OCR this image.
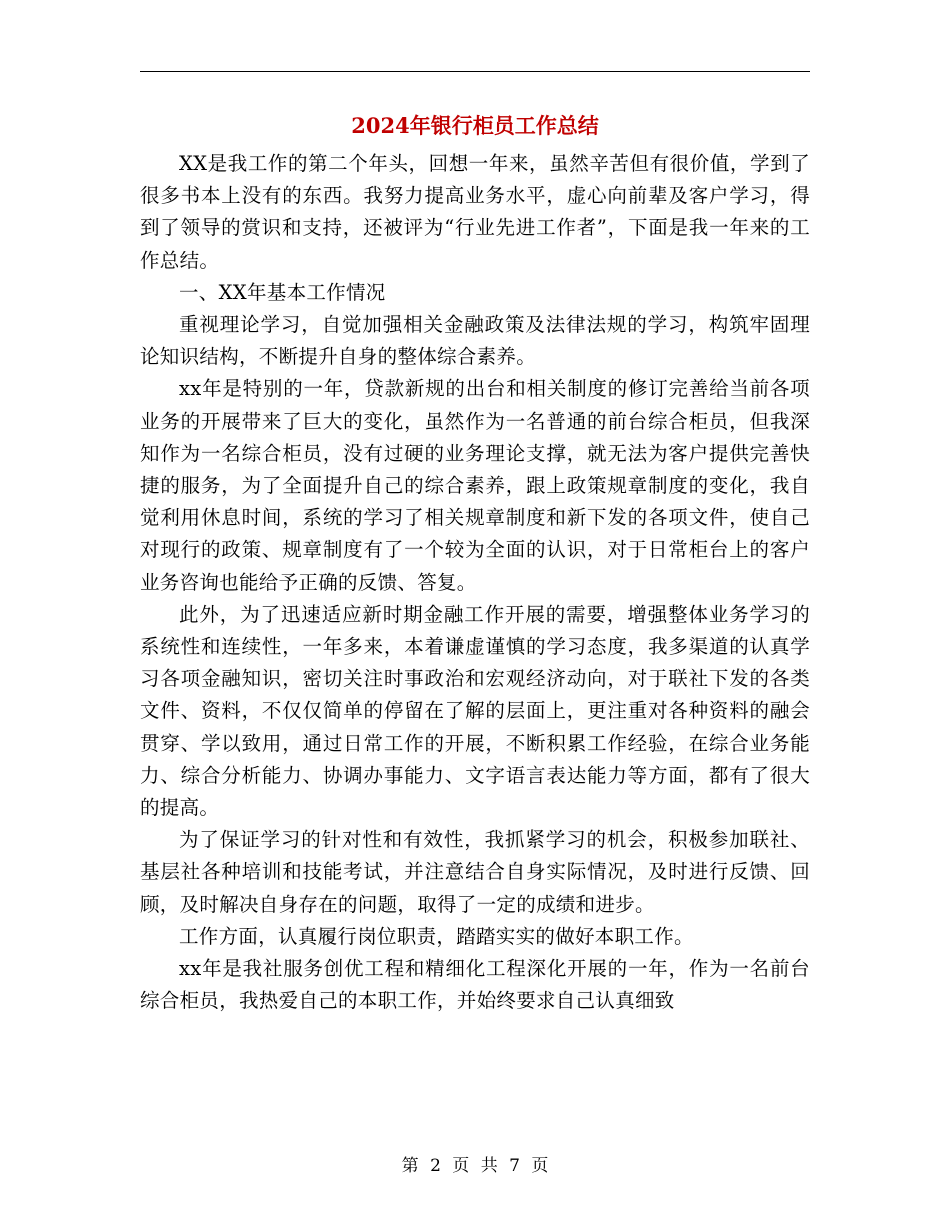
2024年银行柜员工作总结

XX是我工作的第二个年头，回想一年来，虽然辛苦但有很价值，学到了很多书本上没有的东西。我努力提高业务水平，虚心向前辈及客户学习，得到了领导的赏识和支持，还被评为“行业先进工作者”，下面是我一年来的工作总结。

一、XX年基本工作情况

重视理论学习，自觉加强相关金融政策及法律法规的学习，构筑牢固理论知识结构，不断提升自身的整体综合素养。

xx年是特别的一年，贷款新规的出台和相关制度的修订完善给当前各项业务的开展带来了巨大的变化，虽然作为一名普通的前台综合柜员，但我深知作为一名综合柜员，没有过硬的业务理论支撑，就无法为客户提供完善快捷的服务，为了全面提升自己的综合素养，跟上政策规章制度的变化，我自觉利用休息时间，系统的学习了相关规章制度和新下发的各项文件，使自己对现行的政策、规章制度有了一个较为全面的认识，对于日常柜台上的客户业务咨询也能给予正确的反馈、答复。

此外，为了迅速适应新时期金融工作开展的需要，增强整体业务学习的系统性和连续性，一年多来，本着谦虚谨慎的学习态度，我多渠道的认真学习各项金融知识，密切关注时事政治和宏观经济动向，对于联社下发的各类文件、资料，不仅仅简单的停留在了解的层面上，更注重对各种资料的融会贯穿、学以致用，通过日常工作的开展，不断积累工作经验，在综合业务能力、综合分析能力、协调办事能力、文字语言表达能力等方面，都有了很大的提高。

为了保证学习的针对性和有效性，我抓紧学习的机会，积极参加联社、基层社各种培训和技能考试，并注意结合自身实际情况，及时进行反馈、回顾，及时解决自身存在的问题，取得了一定的成绩和进步。

工作方面，认真履行岗位职责，踏踏实实的做好本职工作。

xx年是我社服务创优工程和精细化工程深化开展的一年，作为一名前台综合柜员，我热爱自己的本职工作，并始终要求自己认真细致

第 2 页 共 7 页
